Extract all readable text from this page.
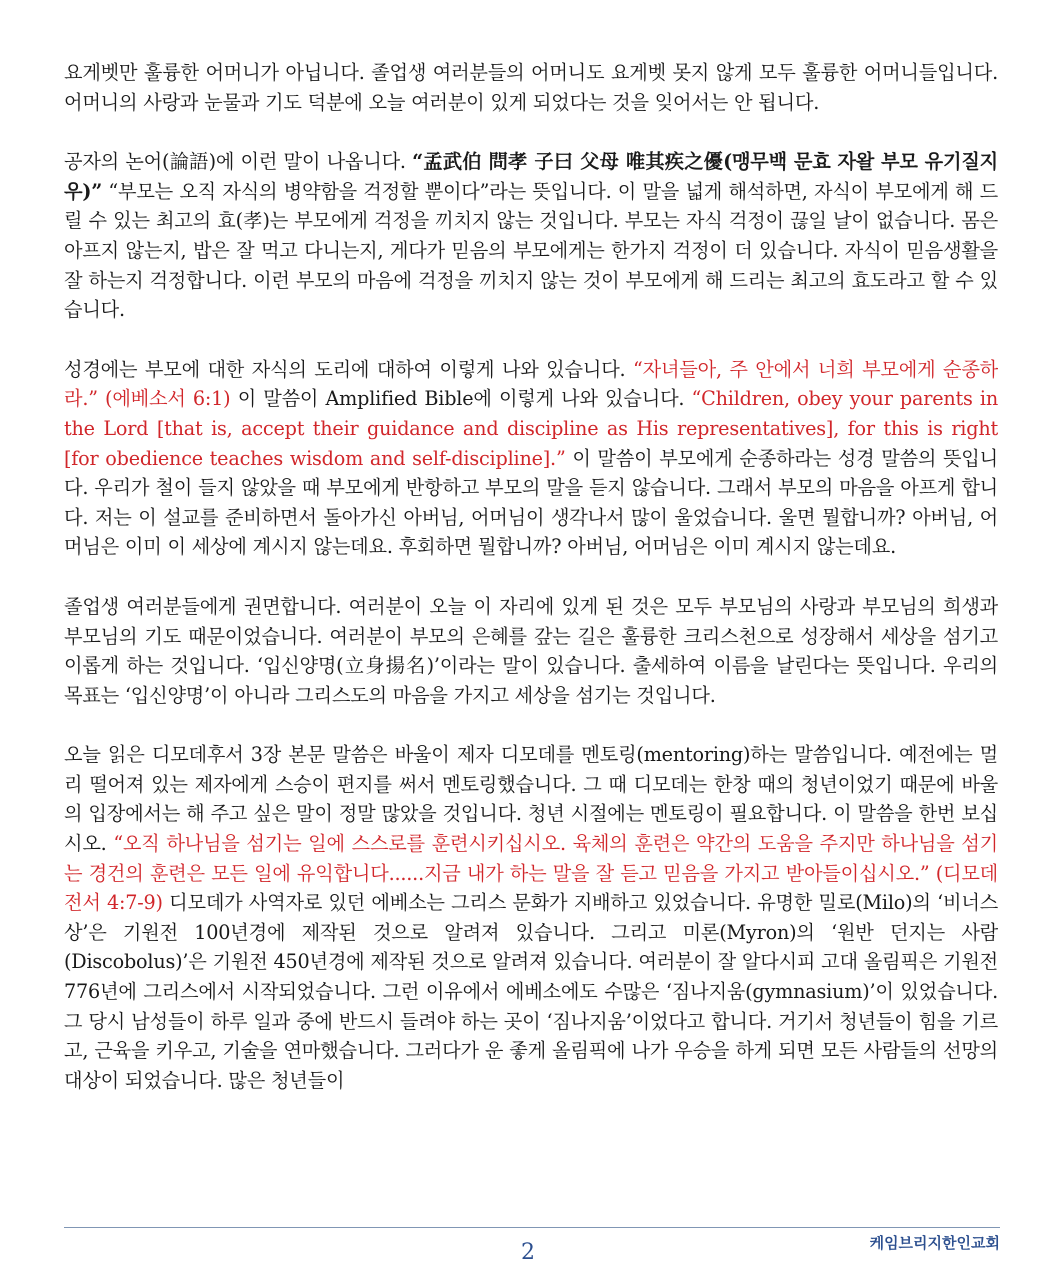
요게벳만 훌륭한 어머니가 아닙니다. 졸업생 여러분들의 어머니도 요게벳 못지 않게 모두 훌륭한 어머니들입니다. 어머니의 사랑과 눈물과 기도 덕분에 오늘 여러분이 있게 되었다는 것을 잊어서는 안 됩니다.

공자의 논어(論語)에 이런 말이 나옵니다. “孟武伯 問孝 子曰 父母 唯其疾之優(맹무백 문효 자왈 부모 유기질지우)” “부모는 오직 자식의 병약함을 걱정할 뿐이다”라는 뜻입니다. 이 말을 넓게 해석하면, 자식이 부모에게 해 드릴 수 있는 최고의 효(孝)는 부모에게 걱정을 끼치지 않는 것입니다. 부모는 자식 걱정이 끊일 날이 없습니다. 몸은 아프지 않는지, 밥은 잘 먹고 다니는지, 게다가 믿음의 부모에게는 한가지 걱정이 더 있습니다. 자식이 믿음생활을 잘 하는지 걱정합니다. 이런 부모의 마음에 걱정을 끼치지 않는 것이 부모에게 해 드리는 최고의 효도라고 할 수 있습니다.

성경에는 부모에 대한 자식의 도리에 대하여 이렇게 나와 있습니다. “자녀들아, 주 안에서 너희 부모에게 순종하라.” (에베소서 6:1) 이 말씀이 Amplified Bible에 이렇게 나와 있습니다. “Children, obey your parents in the Lord [that is, accept their guidance and discipline as His representatives], for this is right [for obedience teaches wisdom and self-discipline].” 이 말씀이 부모에게 순종하라는 성경 말씀의 뜻입니다. 우리가 철이 들지 않았을 때 부모에게 반항하고 부모의 말을 듣지 않습니다. 그래서 부모의 마음을 아프게 합니다. 저는 이 설교를 준비하면서 돌아가신 아버님, 어머님이 생각나서 많이 울었습니다. 울면 뭘합니까? 아버님, 어머님은 이미 이 세상에 계시지 않는데요. 후회하면 뭘합니까? 아버님, 어머님은 이미 계시지 않는데요.

졸업생 여러분들에게 권면합니다. 여러분이 오늘 이 자리에 있게 된 것은 모두 부모님의 사랑과 부모님의 희생과 부모님의 기도 때문이었습니다. 여러분이 부모의 은혜를 갚는 길은 훌륭한 크리스천으로 성장해서 세상을 섬기고 이롭게 하는 것입니다. ‘입신양명(立身揚名)’이라는 말이 있습니다. 출세하여 이름을 날린다는 뜻입니다. 우리의 목표는 ‘입신양명’이 아니라 그리스도의 마음을 가지고 세상을 섬기는 것입니다.

오늘 읽은 디모데후서 3장 본문 말씀은 바울이 제자 디모데를 멘토링(mentoring)하는 말씀입니다. 예전에는 멀리 떨어져 있는 제자에게 스승이 편지를 써서 멘토링했습니다. 그 때 디모데는 한창 때의 청년이었기 때문에 바울의 입장에서는 해 주고 싶은 말이 정말 많았을 것입니다. 청년 시절에는 멘토링이 필요합니다. 이 말씀을 한번 보십시오. “오직 하나님을 섬기는 일에 스스로를 훈련시키십시오. 육체의 훈련은 약간의 도움을 주지만 하나님을 섬기는 경건의 훈련은 모든 일에 유익합니다......지금 내가 하는 말을 잘 듣고 믿음을 가지고 받아들이십시오.” (디모데전서 4:7-9) 디모데가 사역자로 있던 에베소는 그리스 문화가 지배하고 있었습니다. 유명한 밀로(Milo)의 ‘비너스상’은 기원전 100년경에 제작된 것으로 알려져 있습니다. 그리고 미론(Myron)의 ‘원반 던지는 사람(Discobolus)’은 기원전 450년경에 제작된 것으로 알려져 있습니다. 여러분이 잘 알다시피 고대 올림픽은 기원전 776년에 그리스에서 시작되었습니다. 그런 이유에서 에베소에도 수많은 ‘짐나지움(gymnasium)’이 있었습니다. 그 당시 남성들이 하루 일과 중에 반드시 들려야 하는 곳이 ‘짐나지움’이었다고 합니다. 거기서 청년들이 힘을 기르고, 근육을 키우고, 기술을 연마했습니다. 그러다가 운 좋게 올림픽에 나가 우승을 하게 되면 모든 사람들의 선망의 대상이 되었습니다. 많은 청년들이

2	케임브리지한인교회
